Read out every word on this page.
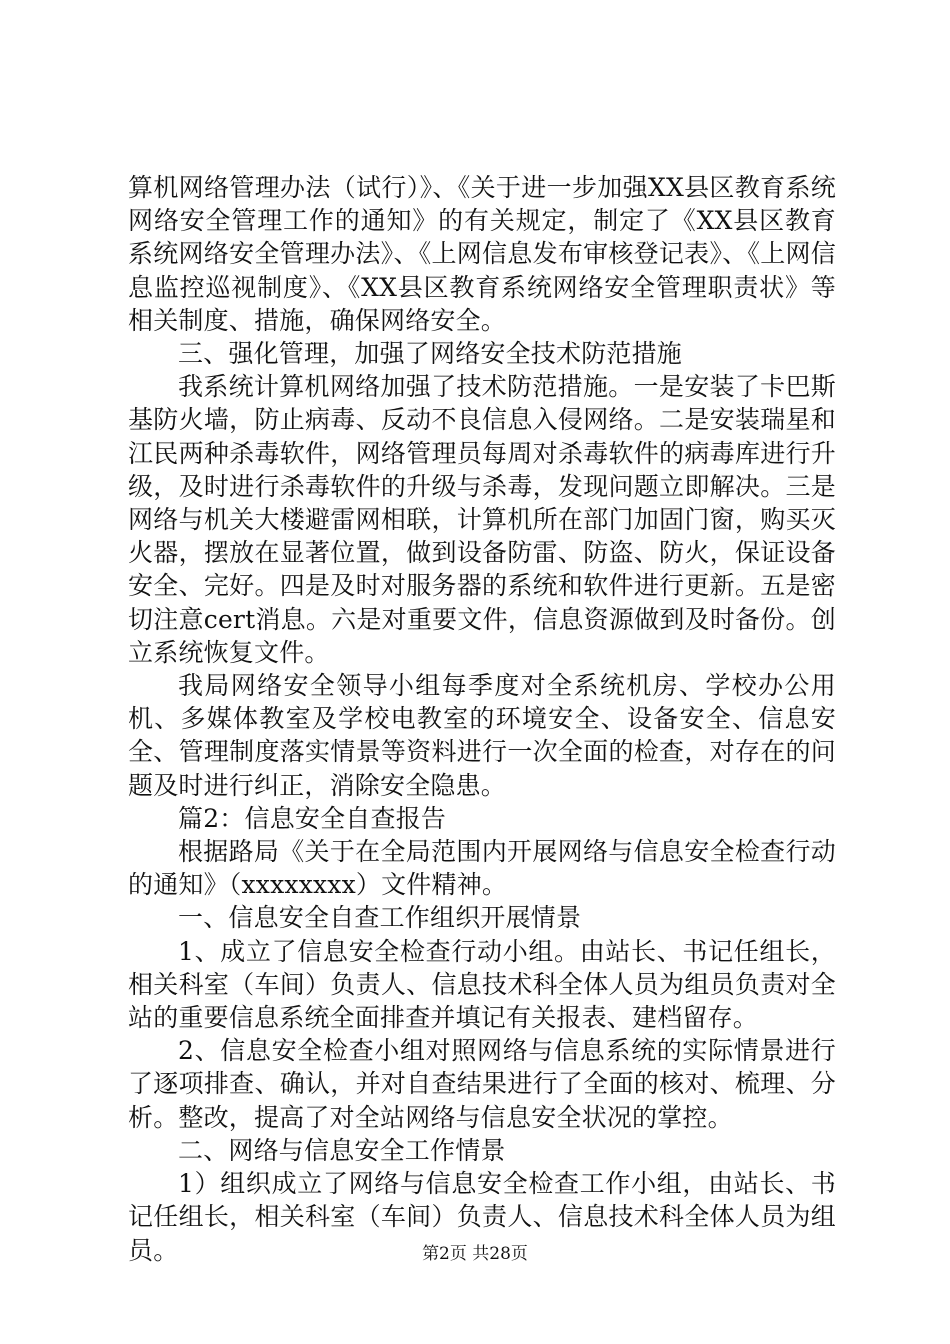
算机网络管理办法（试行）》、《关于进一步加强XX县区教育系统网络安全管理工作的通知》的有关规定，制定了《XX县区教育系统网络安全管理办法》、《上网信息发布审核登记表》、《上网信息监控巡视制度》、《XX县区教育系统网络安全管理职责状》等相关制度、措施，确保网络安全。

三、强化管理，加强了网络安全技术防范措施

我系统计算机网络加强了技术防范措施。一是安装了卡巴斯基防火墙，防止病毒、反动不良信息入侵网络。二是安装瑞星和江民两种杀毒软件，网络管理员每周对杀毒软件的病毒库进行升级，及时进行杀毒软件的升级与杀毒，发现问题立即解决。三是网络与机关大楼避雷网相联，计算机所在部门加固门窗，购买灭火器，摆放在显著位置，做到设备防雷、防盗、防火，保证设备安全、完好。四是及时对服务器的系统和软件进行更新。五是密切注意cert消息。六是对重要文件，信息资源做到及时备份。创立系统恢复文件。

我局网络安全领导小组每季度对全系统机房、学校办公用机、多媒体教室及学校电教室的环境安全、设备安全、信息安全、管理制度落实情景等资料进行一次全面的检查，对存在的问题及时进行纠正，消除安全隐患。

篇2：信息安全自查报告

根据路局《关于在全局范围内开展网络与信息安全检查行动的通知》（xxxxxxxx）文件精神。

一、信息安全自查工作组织开展情景

1、成立了信息安全检查行动小组。由站长、书记任组长，相关科室（车间）负责人、信息技术科全体人员为组员负责对全站的重要信息系统全面排查并填记有关报表、建档留存。

2、信息安全检查小组对照网络与信息系统的实际情景进行了逐项排查、确认，并对自查结果进行了全面的核对、梳理、分析。整改，提高了对全站网络与信息安全状况的掌控。

二、网络与信息安全工作情景

1）组织成立了网络与信息安全检查工作小组，由站长、书记任组长，相关科室（车间）负责人、信息技术科全体人员为组员。	第2页 共28页
